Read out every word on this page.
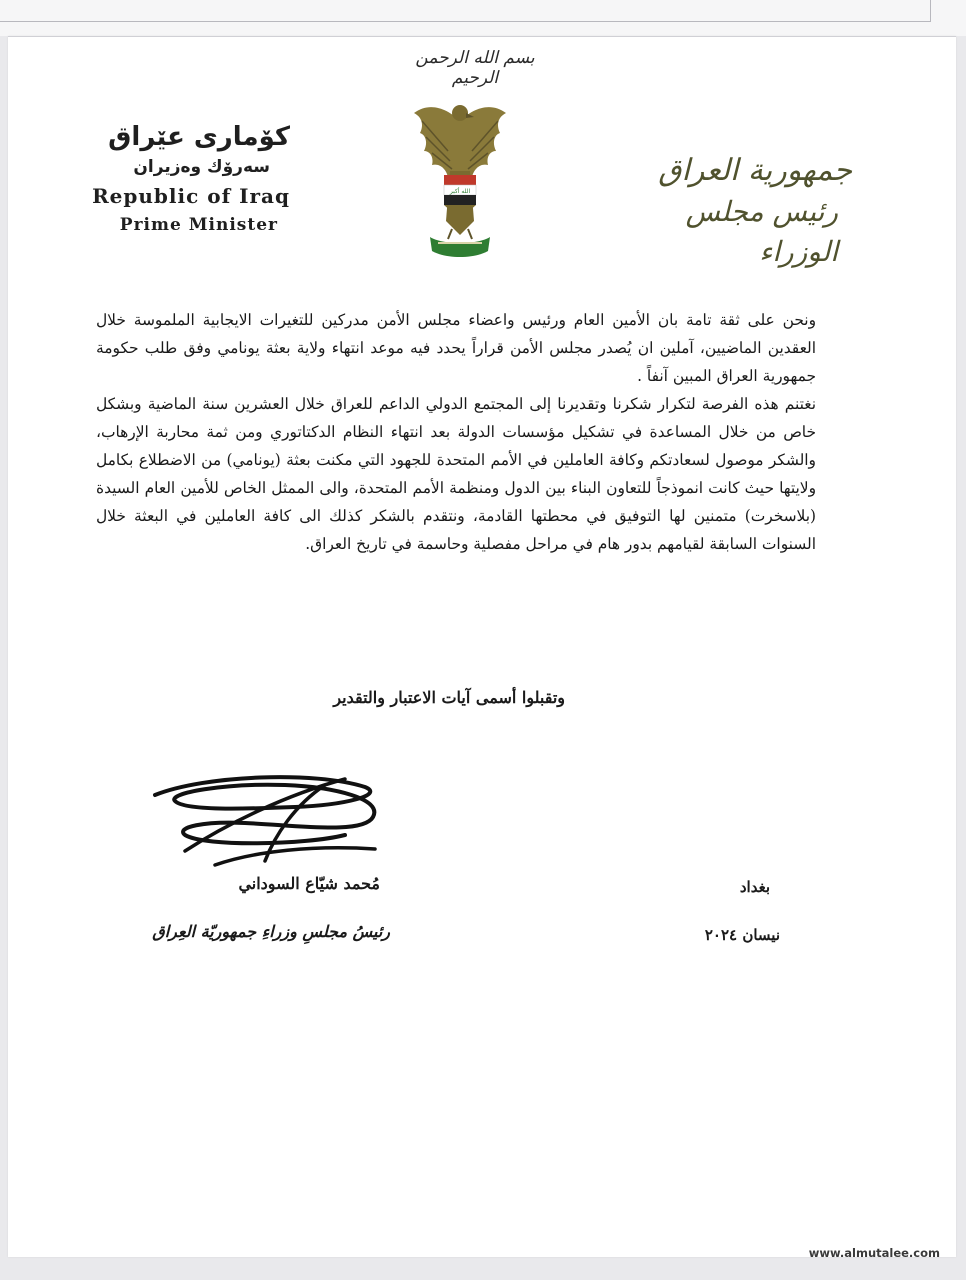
بسم الله الرحمن الرحيم
الله أكبر
كۆمارى عێراق
سەرۆك وەزيران
Republic of Iraq
Prime Minister
جمهورية العراق
رئيس مجلس الوزراء

ونحن على ثقة تامة بان الأمين العام ورئيس واعضاء مجلس الأمن مدركين للتغيرات الايجابية الملموسة خلال العقدين الماضيين، آملين ان يُصدر مجلس الأمن قراراً يحدد فيه موعد انتهاء ولاية بعثة يونامي وفق طلب حكومة جمهورية العراق المبين آنفاً .

نغتنم هذه الفرصة لتكرار شكرنا وتقديرنا إلى المجتمع الدولي الداعم للعراق خلال العشرين سنة الماضية وبشكل خاص من خلال المساعدة في تشكيل مؤسسات الدولة بعد انتهاء النظام الدكتاتوري ومن ثمة محاربة الإرهاب، والشكر موصول لسعادتكم وكافة العاملين في الأمم المتحدة للجهود التي مكنت بعثة (يونامي) من الاضطلاع بكامل ولايتها حيث كانت انموذجاً للتعاون البناء بين الدول ومنظمة الأمم المتحدة، والى الممثل الخاص للأمين العام السيدة (بلاسخرت) متمنين لها التوفيق في محطتها القادمة، ونتقدم بالشكر كذلك الى كافة العاملين في البعثة خلال السنوات السابقة لقيامهم بدور هام في مراحل مفصلية وحاسمة في تاريخ العراق.

وتقبلوا أسمى آيات الاعتبار والتقدير
مُحمد شيّاع السوداني
رئيسُ مجلسِ وزراءِ جمهوريّة العِراق
بغداد
نيسان ٢٠٢٤
www.almutalee.com
